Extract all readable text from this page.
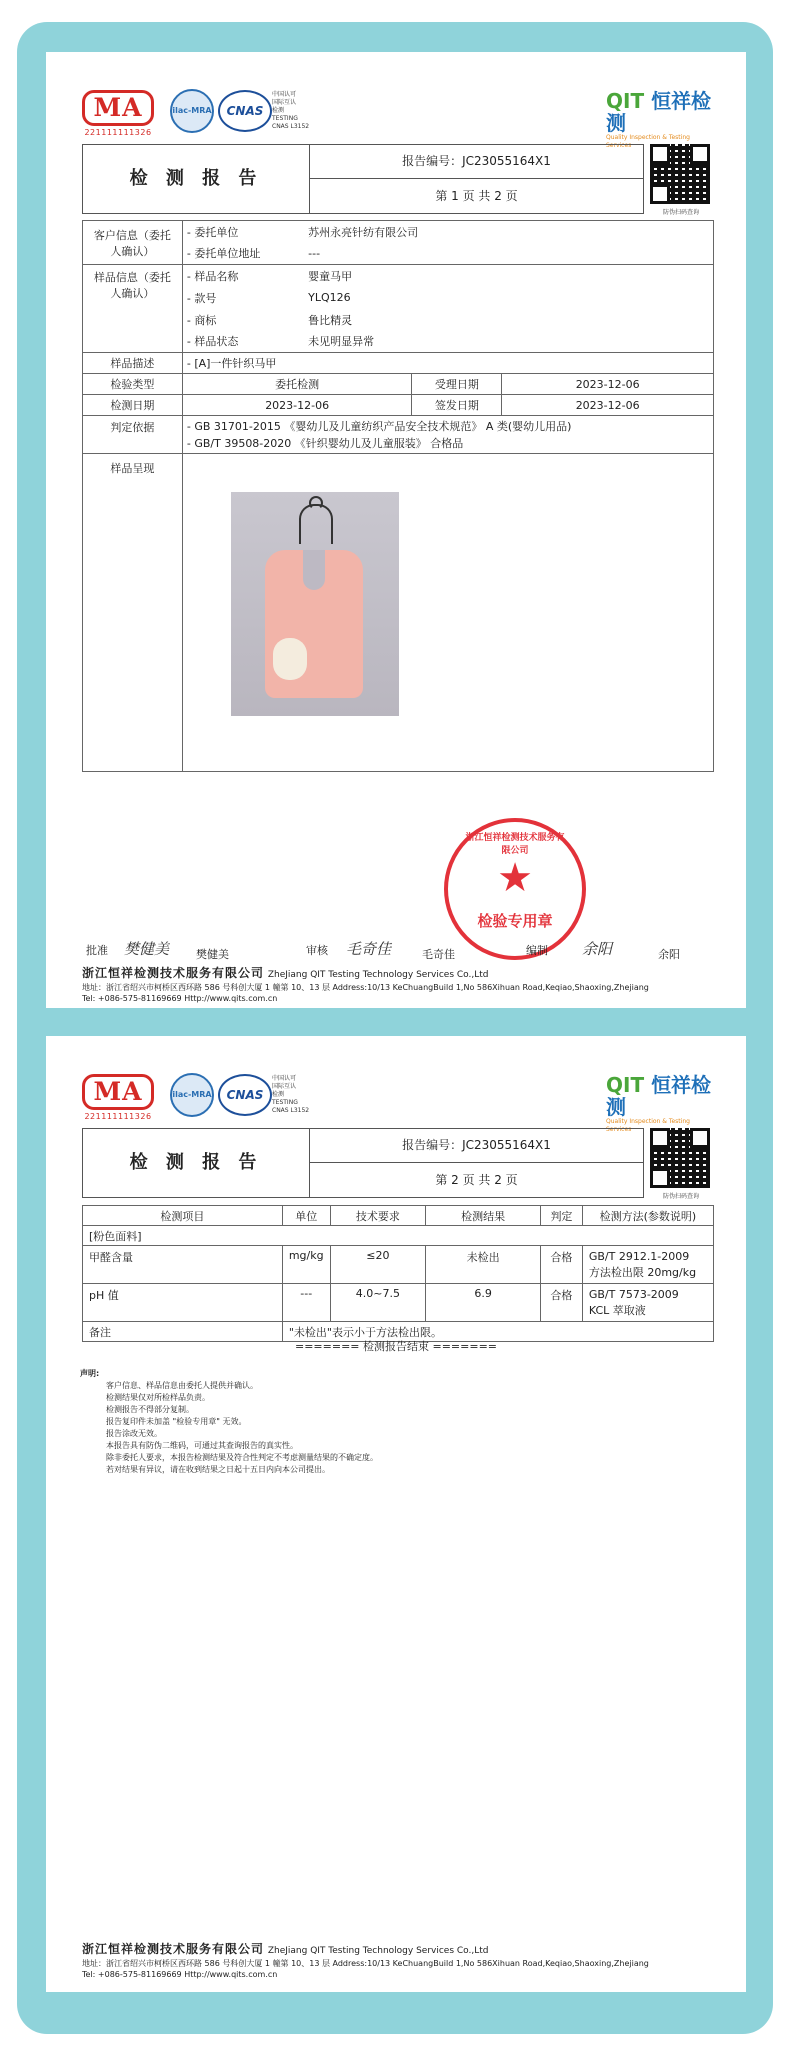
MA
221111111326
ilac-MRA	CNAS
中国认可
国际互认
检测
TESTING
CNAS L3152
QIT 恒祥检测
Quality Inspection & Testing Services
检 测 报 告
报告编号：JC23055164X1
第 1 页 共 2 页
防伪扫码查询
客户信息（委托人确认）	- 委托单位	苏州永亮针纺有限公司		
	- 委托单位地址	---		
样品信息（委托人确认）	- 样品名称	婴童马甲		
	- 款号	YLQ126		
	- 商标	鲁比精灵		
	- 样品状态	未见明显异常		
样品描述	- [A]一件针织马甲			
检验类型	委托检测		受理日期	2023-12-06
检测日期	2023-12-06		签发日期	2023-12-06
判定依据	- GB 31701-2015 《婴幼儿及儿童纺织产品安全技术规范》 A 类(婴幼儿用品)
- GB/T 39508-2020 《针织婴幼儿及儿童服装》 合格品			

样品呈现				
浙江恒祥检测技术服务有限公司
★
检验专用章
批准 樊健美 樊健美	审核 毛奇佳	毛奇佳	编制 余阳	余阳
浙江恒祥检测技术服务有限公司 ZheJiang QIT Testing Technology Services Co.,Ltd
地址：浙江省绍兴市柯桥区西环路 586 号科创大厦 1 幢第 10、13 层 Address:10/13 KeChuangBuild 1,No 586Xihuan Road,Keqiao,Shaoxing,Zhejiang
Tel: +086-575-81169669 Http://www.qits.com.cn
MA
221111111326
ilac-MRA	CNAS
中国认可
国际互认
检测
TESTING
CNAS L3152
QIT 恒祥检测
Quality Inspection & Testing Services
检 测 报 告
报告编号：JC23055164X1
第 2 页 共 2 页
防伪扫码查询
检测项目	单位	技术要求	检测结果	判定	检测方法(参数说明)
[粉色面料]					
甲醛含量	mg/kg	≤20	未检出	合格	GB/T 2912.1-2009
方法检出限 20mg/kg

pH 值	---	4.0~7.5	6.9	合格	GB/T 7573-2009
KCL 萃取液

备注	"未检出"表示小于方法检出限。				
======= 检测报告结束 =======
声明:
客户信息、样品信息由委托人提供并确认。
检测结果仅对所检样品负责。
检测报告不得部分复制。
报告复印件未加盖 "检验专用章" 无效。
报告涂改无效。
本报告具有防伪二维码，可通过其查询报告的真实性。
除非委托人要求，本报告检测结果及符合性判定不考虑测量结果的不确定度。
若对结果有异议，请在收到结果之日起十五日内向本公司提出。
浙江恒祥检测技术服务有限公司 ZheJiang QIT Testing Technology Services Co.,Ltd
地址：浙江省绍兴市柯桥区西环路 586 号科创大厦 1 幢第 10、13 层 Address:10/13 KeChuangBuild 1,No 586Xihuan Road,Keqiao,Shaoxing,Zhejiang
Tel: +086-575-81169669 Http://www.qits.com.cn
